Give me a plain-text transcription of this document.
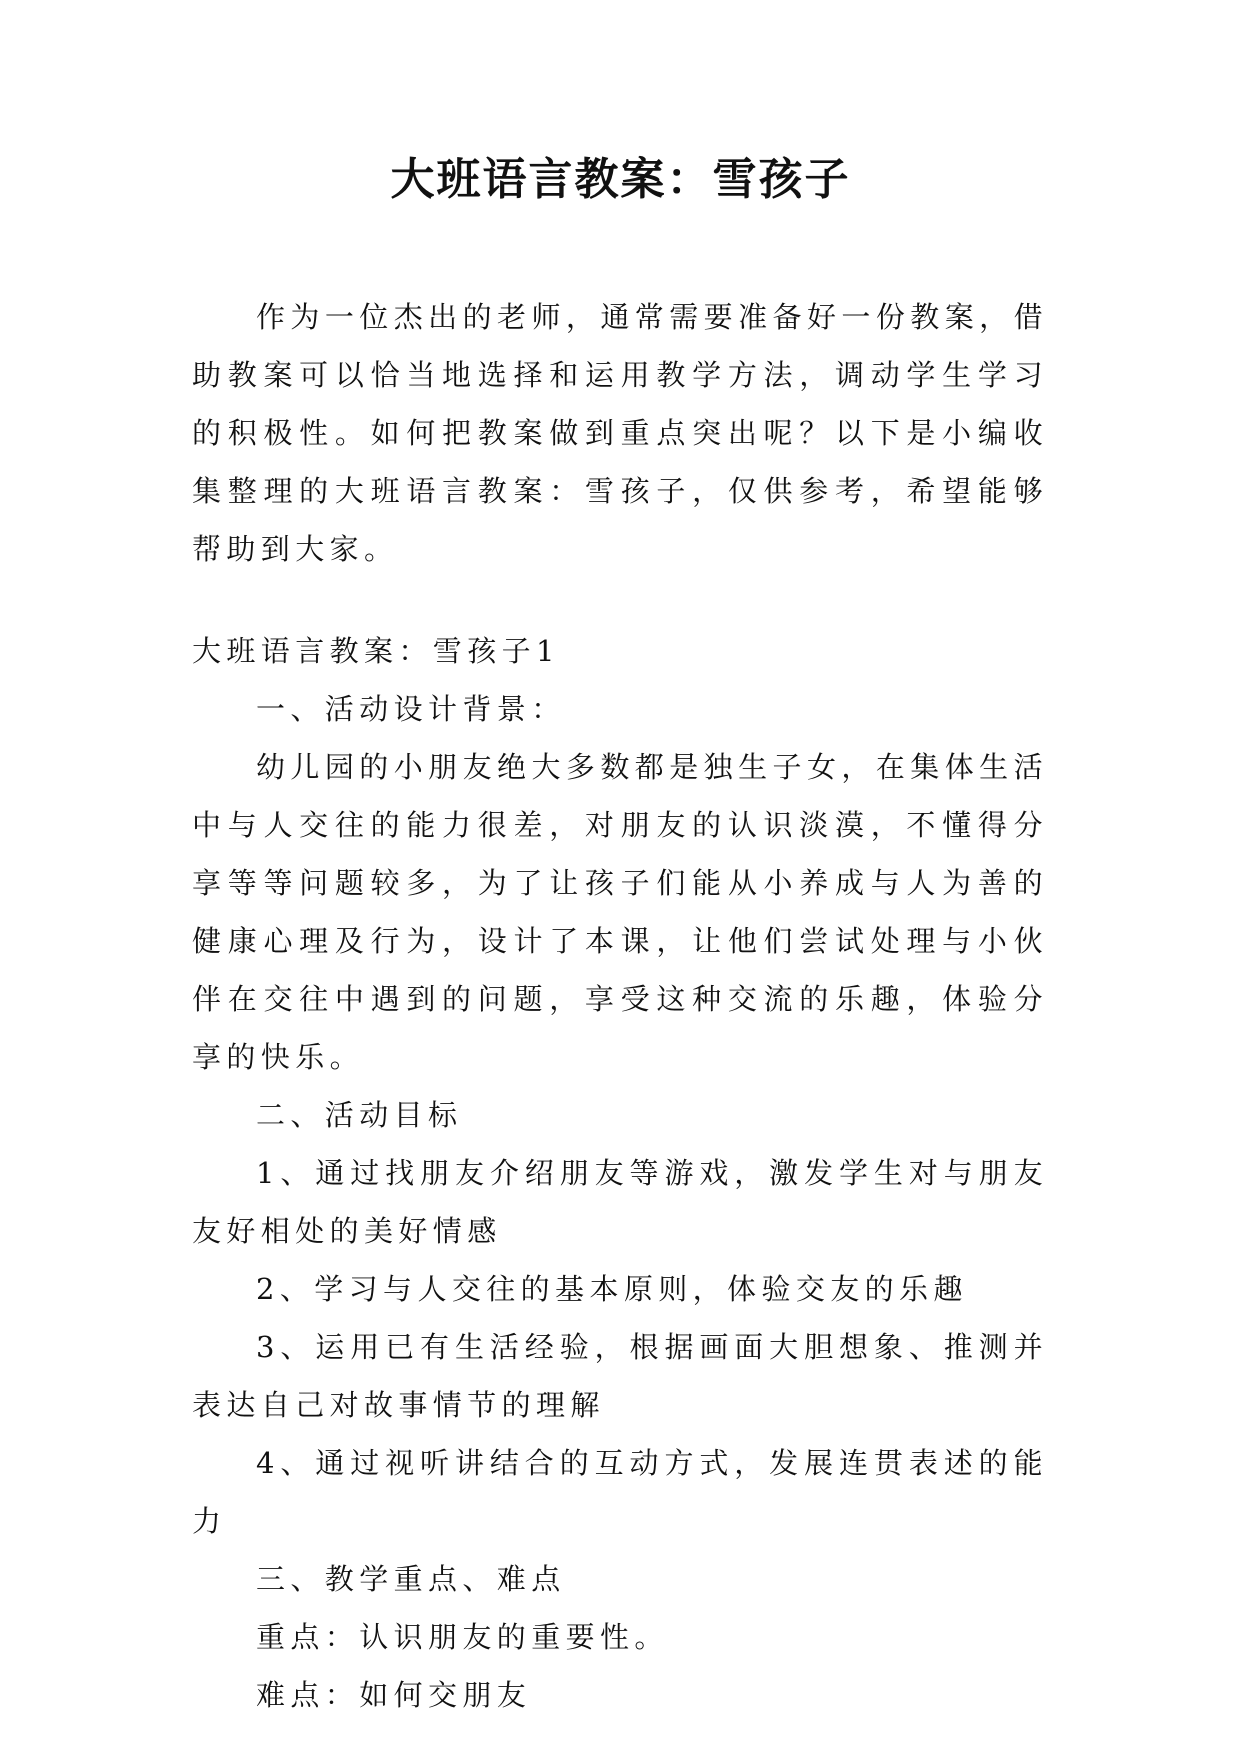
大班语言教案：雪孩子

作为一位杰出的老师，通常需要准备好一份教案，借助教案可以恰当地选择和运用教学方法，调动学生学习的积极性。如何把教案做到重点突出呢？以下是小编收集整理的大班语言教案：雪孩子，仅供参考，希望能够帮助到大家。

大班语言教案：雪孩子1

一、活动设计背景：

幼儿园的小朋友绝大多数都是独生子女，在集体生活中与人交往的能力很差，对朋友的认识淡漠，不懂得分享等等问题较多，为了让孩子们能从小养成与人为善的健康心理及行为，设计了本课，让他们尝试处理与小伙伴在交往中遇到的问题，享受这种交流的乐趣，体验分享的快乐。

二、活动目标

1、通过找朋友介绍朋友等游戏，激发学生对与朋友友好相处的美好情感

2、学习与人交往的基本原则，体验交友的乐趣

3、运用已有生活经验，根据画面大胆想象、推测并表达自己对故事情节的理解

4、通过视听讲结合的互动方式，发展连贯表述的能力

三、教学重点、难点

重点：认识朋友的重要性。

难点：如何交朋友
